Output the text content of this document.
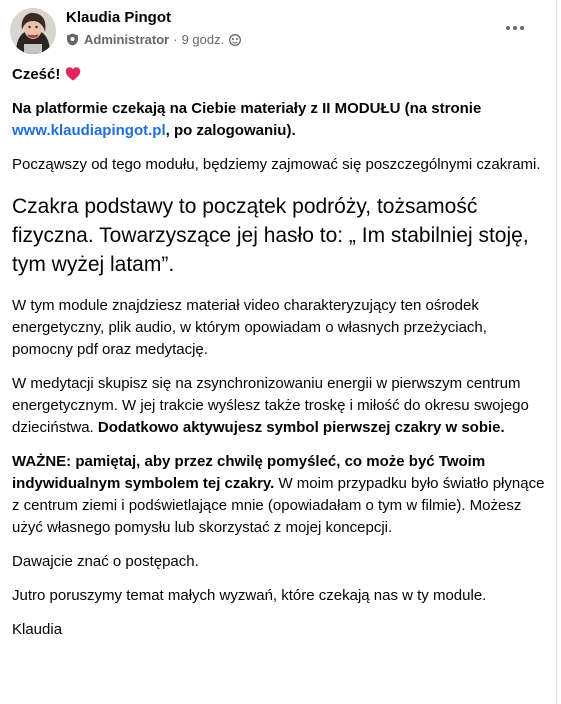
Klaudia Pingot
Administrator · 9 godz.

Cześć!

Na platformie czekają na Ciebie materiały z II MODUŁU (na stronie www.klaudiapingot.pl, po zalogowaniu).

Począwszy od tego modułu, będziemy zajmować się poszczególnymi czakrami.

Czakra podstawy to początek podróży, tożsamość fizyczna. Towarzyszące jej hasło to: „ Im stabilniej stoję, tym wyżej latam”.

W tym module znajdziesz materiał video charakteryzujący ten ośrodek energetyczny, plik audio, w którym opowiadam o własnych przeżyciach, pomocny pdf oraz medytację.

W medytacji skupisz się na zsynchronizowaniu energii w pierwszym centrum energetycznym. W jej trakcie wyślesz także troskę i miłość do okresu swojego dzieciństwa. Dodatkowo aktywujesz symbol pierwszej czakry w sobie.

WAŻNE: pamiętaj, aby przez chwilę pomyśleć, co może być Twoim indywidualnym symbolem tej czakry. W moim przypadku było światło płynące z centrum ziemi i podświetlające mnie (opowiadałam o tym w filmie). Możesz użyć własnego pomysłu lub skorzystać z mojej koncepcji.

Dawajcie znać o postępach.

Jutro poruszymy temat małych wyzwań, które czekają nas w ty module.

Klaudia
